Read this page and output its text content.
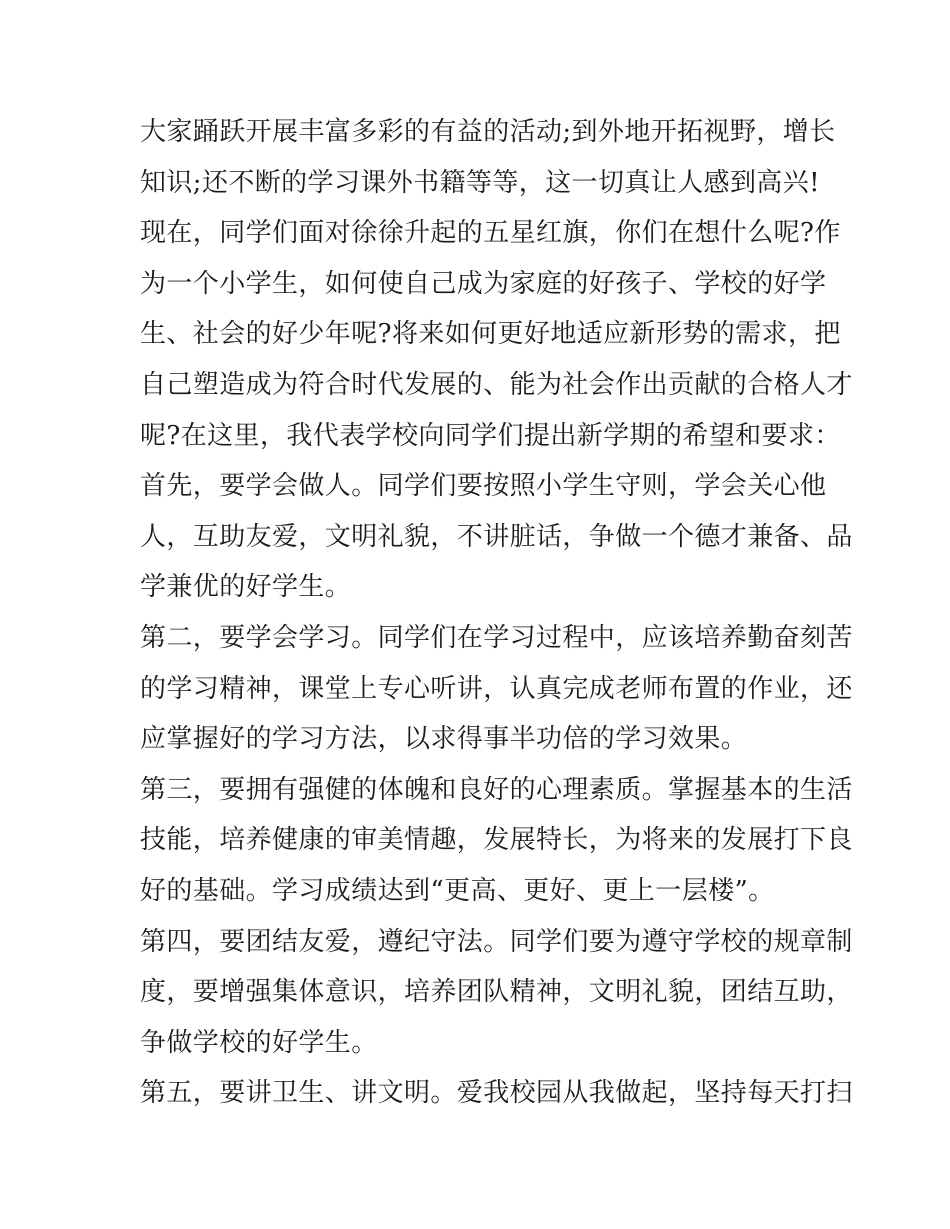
大家踊跃开展丰富多彩的有益的活动;到外地开拓视野，增长
知识;还不断的学习课外书籍等等，这一切真让人感到高兴!
现在，同学们面对徐徐升起的五星红旗，你们在想什么呢?作
为一个小学生，如何使自己成为家庭的好孩子、学校的好学
生、社会的好少年呢?将来如何更好地适应新形势的需求，把
自己塑造成为符合时代发展的、能为社会作出贡献的合格人才
呢?在这里，我代表学校向同学们提出新学期的希望和要求：
首先，要学会做人。同学们要按照小学生守则，学会关心他
人，互助友爱，文明礼貌，不讲脏话，争做一个德才兼备、品
学兼优的好学生。
第二，要学会学习。同学们在学习过程中，应该培养勤奋刻苦
的学习精神，课堂上专心听讲，认真完成老师布置的作业，还
应掌握好的学习方法，以求得事半功倍的学习效果。
第三，要拥有强健的体魄和良好的心理素质。掌握基本的生活
技能，培养健康的审美情趣，发展特长，为将来的发展打下良
好的基础。学习成绩达到“更高、更好、更上一层楼”。
第四，要团结友爱，遵纪守法。同学们要为遵守学校的规章制
度，要增强集体意识，培养团队精神，文明礼貌，团结互助，
争做学校的好学生。
第五，要讲卫生、讲文明。爱我校园从我做起，坚持每天打扫
